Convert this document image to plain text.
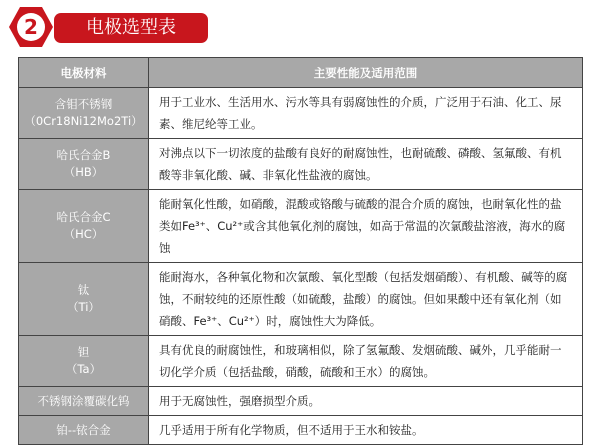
2	电极选型表
电极材料	主要性能及适用范围

含钼不锈钢
（0Cr18Ni12Mo2Ti）	用于工业水、生活用水、污水等具有弱腐蚀性的介质，广泛用于石油、化工、尿素、维尼纶等工业。

哈氏合金B
（HB）	对沸点以下一切浓度的盐酸有良好的耐腐蚀性，也耐硫酸、磷酸、氢氟酸、有机酸等非氧化酸、碱、非氧化性盐液的腐蚀。

哈氏合金C
（HC）	能耐氧化性酸，如硝酸，混酸或铬酸与硫酸的混合介质的腐蚀，也耐氧化性的盐类如Fe³⁺、Cu²⁺或含其他氧化剂的腐蚀，如高于常温的次氯酸盐溶液，海水的腐蚀

钛
（Ti）	能耐海水，各种氧化物和次氯酸、氧化型酸（包括发烟硝酸）、有机酸、碱等的腐蚀，不耐较纯的还原性酸（如硫酸，盐酸）的腐蚀。但如果酸中还有氧化剂（如硝酸、Fe³⁺、Cu²⁺）时，腐蚀性大为降低。

钽
（Ta）	具有优良的耐腐蚀性，和玻璃相似，除了氢氟酸、发烟硫酸、碱外，几乎能耐一切化学介质（包括盐酸，硝酸，硫酸和王水）的腐蚀。

不锈钢涂覆碳化钨	用于无腐蚀性，强磨损型介质。

铂--铱合金	几乎适用于所有化学物质，但不适用于王水和铵盐。
